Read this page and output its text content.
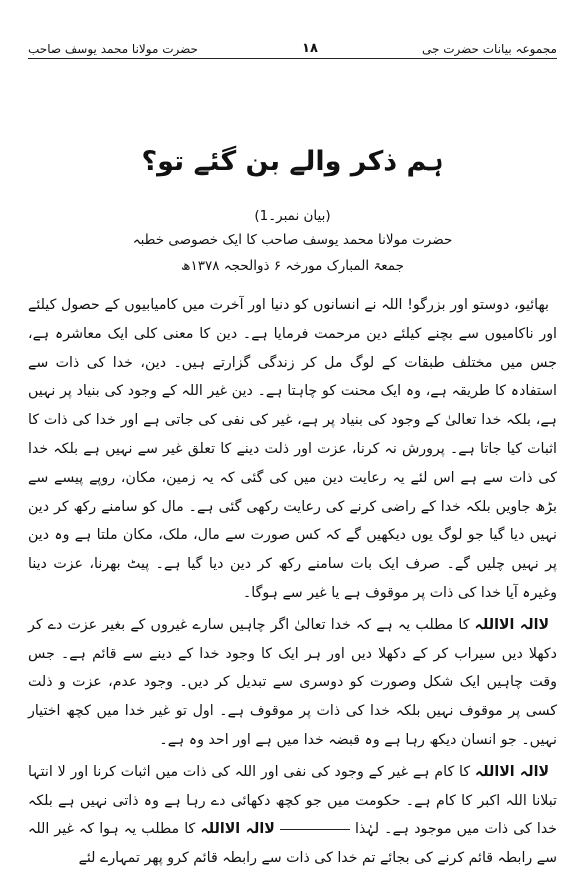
مجموعہ بیانات حضرت جی
۱۸
حضرت مولانا محمد یوسف صاحب
ہم ذکر والے بن گئے تو؟
(بیان نمبر۔1)
حضرت مولانا محمد یوسف صاحب کا ایک خصوصی خطبہ
جمعۃ المبارک مورخہ ۶ ذوالحجہ ۱۳۷۸ھ

بھائیو، دوستو اور بزرگو! اللہ نے انسانوں کو دنیا اور آخرت میں کامیابیوں کے حصول کیلئے اور ناکامیوں سے بچنے کیلئے دین مرحمت فرمایا ہے۔ دین کا معنی کلی ایک معاشرہ ہے، جس میں مختلف طبقات کے لوگ مل کر زندگی گزارتے ہیں۔ دین، خدا کی ذات سے استفادہ کا طریقہ ہے، وہ ایک محنت کو چاہتا ہے۔ دین غیر اللہ کے وجود کی بنیاد پر نہیں ہے، بلکہ خدا تعالیٰ کے وجود کی بنیاد پر ہے، غیر کی نفی کی جاتی ہے اور خدا کی ذات کا اثبات کیا جاتا ہے۔ پرورش نہ کرنا، عزت اور ذلت دینے کا تعلق غیر سے نہیں ہے بلکہ خدا کی ذات سے ہے اس لئے یہ رعایت دین میں کی گئی کہ یہ زمین، مکان، روپے پیسے سے بڑھ جاویں بلکہ خدا کے راضی کرنے کی رعایت رکھی گئی ہے۔ مال کو سامنے رکھ کر دین نہیں دیا گیا جو لوگ یوں دیکھیں گے کہ کس صورت سے مال، ملک، مکان ملتا ہے وہ دین پر نہیں چلیں گے۔ صرف ایک بات سامنے رکھ کر دین دیا گیا ہے۔ پیٹ بھرنا، عزت دینا وغیرہ آیا خدا کی ذات پر موقوف ہے یا غیر سے ہوگا۔

لاالہ الااللہ کا مطلب یہ ہے کہ خدا تعالیٰ اگر چاہیں سارے غیروں کے بغیر عزت دے کر دکھلا دیں سیراب کر کے دکھلا دیں اور ہر ایک کا وجود خدا کے دینے سے قائم ہے۔ جس وقت چاہیں ایک شکل وصورت کو دوسری سے تبدیل کر دیں۔ وجود عدم، عزت و ذلت کسی پر موقوف نہیں بلکہ خدا کی ذات پر موقوف ہے۔ اول تو غیر خدا میں کچھ اختیار نہیں۔ جو انسان دیکھ رہا ہے وہ قبضہ خدا میں ہے اور احد وہ ہے۔

لاالہ الااللہ کا کام ہے غیر کے وجود کی نفی اور اللہ کی ذات میں اثبات کرنا اور لا انتہا تبلانا اللہ اکبر کا کام ہے۔ حکومت میں جو کچھ دکھائی دے رہا ہے وہ ذاتی نہیں ہے بلکہ خدا کی ذات میں موجود ہے۔ لہٰذا  لاالہ الااللہ کا مطلب یہ ہوا کہ غیر اللہ سے رابطہ قائم کرنے کی بجائے تم خدا کی ذات سے رابطہ قائم کرو پھر تمہارے لئے
